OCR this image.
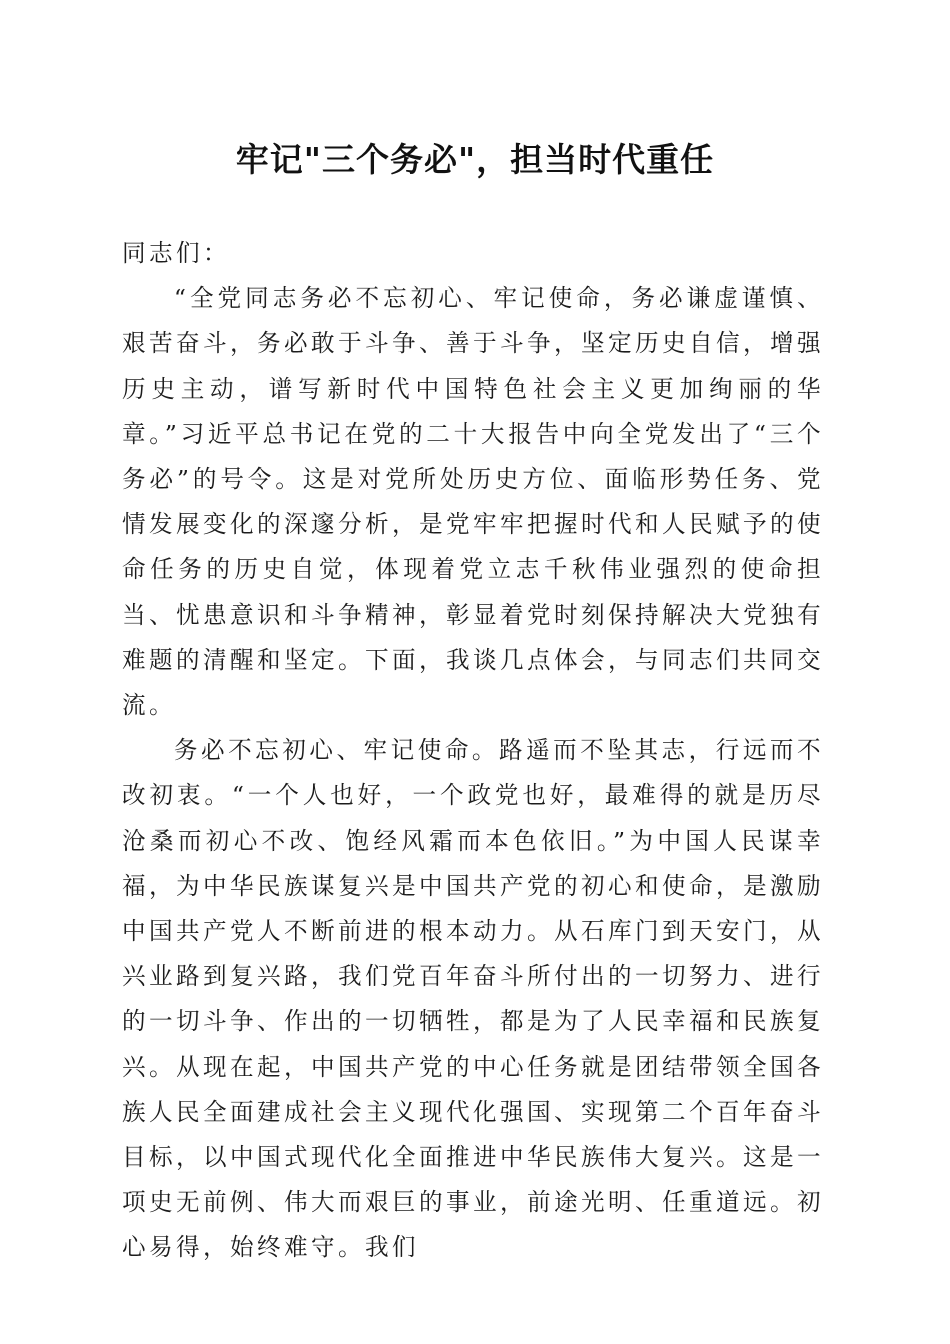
牢记"三个务必"，担当时代重任

同志们：

“全党同志务必不忘初心、牢记使命，务必谦虚谨慎、艰苦奋斗，务必敢于斗争、善于斗争，坚定历史自信，增强历史主动，谱写新时代中国特色社会主义更加绚丽的华章。”习近平总书记在党的二十大报告中向全党发出了“三个务必”的号令。这是对党所处历史方位、面临形势任务、党情发展变化的深邃分析，是党牢牢把握时代和人民赋予的使命任务的历史自觉，体现着党立志千秋伟业强烈的使命担当、忧患意识和斗争精神，彰显着党时刻保持解决大党独有难题的清醒和坚定。下面，我谈几点体会，与同志们共同交流。

务必不忘初心、牢记使命。路遥而不坠其志，行远而不改初衷。“一个人也好，一个政党也好，最难得的就是历尽沧桑而初心不改、饱经风霜而本色依旧。”为中国人民谋幸福，为中华民族谋复兴是中国共产党的初心和使命，是激励中国共产党人不断前进的根本动力。从石库门到天安门，从兴业路到复兴路，我们党百年奋斗所付出的一切努力、进行的一切斗争、作出的一切牺牲，都是为了人民幸福和民族复兴。从现在起，中国共产党的中心任务就是团结带领全国各族人民全面建成社会主义现代化强国、实现第二个百年奋斗目标，以中国式现代化全面推进中华民族伟大复兴。这是一项史无前例、伟大而艰巨的事业，前途光明、任重道远。初心易得，始终难守。我们
